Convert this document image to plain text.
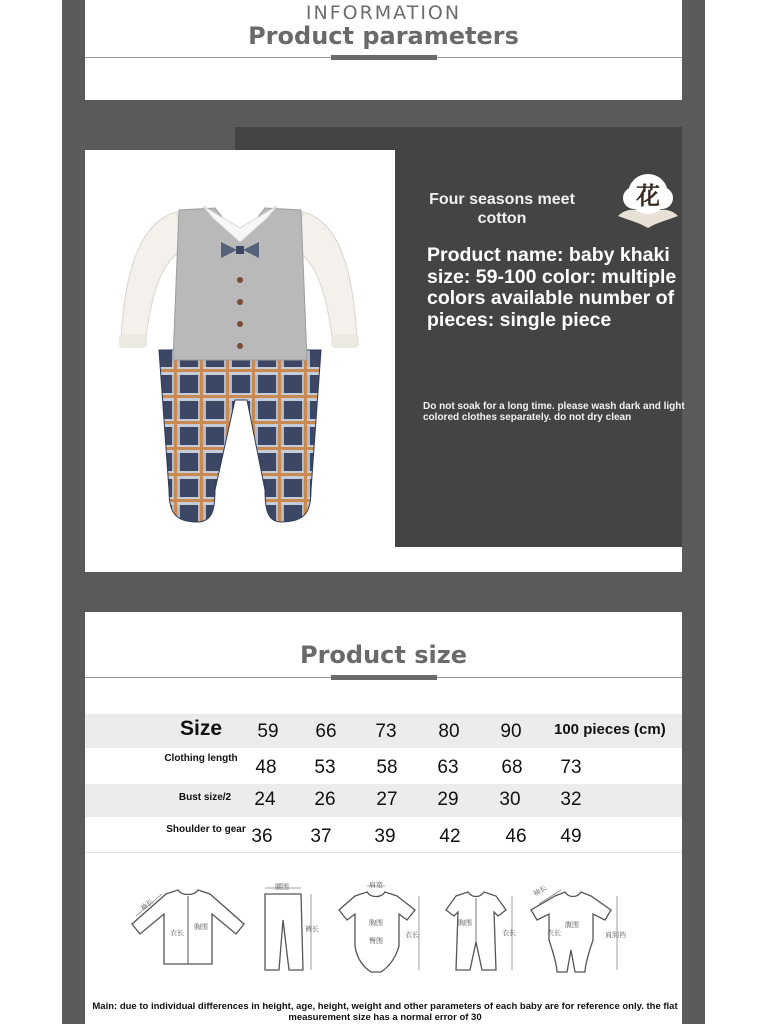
INFORMATION
Product parameters
Four seasons meet cotton
花
Product name: baby khaki size: 59-100 color: multiple colors available number of pieces: single piece
Do not soak for a long time. please wash dark and light colored clothes separately. do not dry clean
Product size
Size	59	66	73	80	90	100 pieces (cm)
Clothing length 48	53	58	63	68	73
Bust size/2	24	26	27	29	30	32
Shoulder to gear 36	37	39	42	46	49
袖长
衣长
胸围
腰围
裤长
肩宽
胸围
臀围
衣长
胸围
衣长
袖长
衣长
腹围
肩到裆
Main: due to individual differences in height, age, height, weight and other parameters of each baby are for reference only. the flat measurement size has a normal error of 30
